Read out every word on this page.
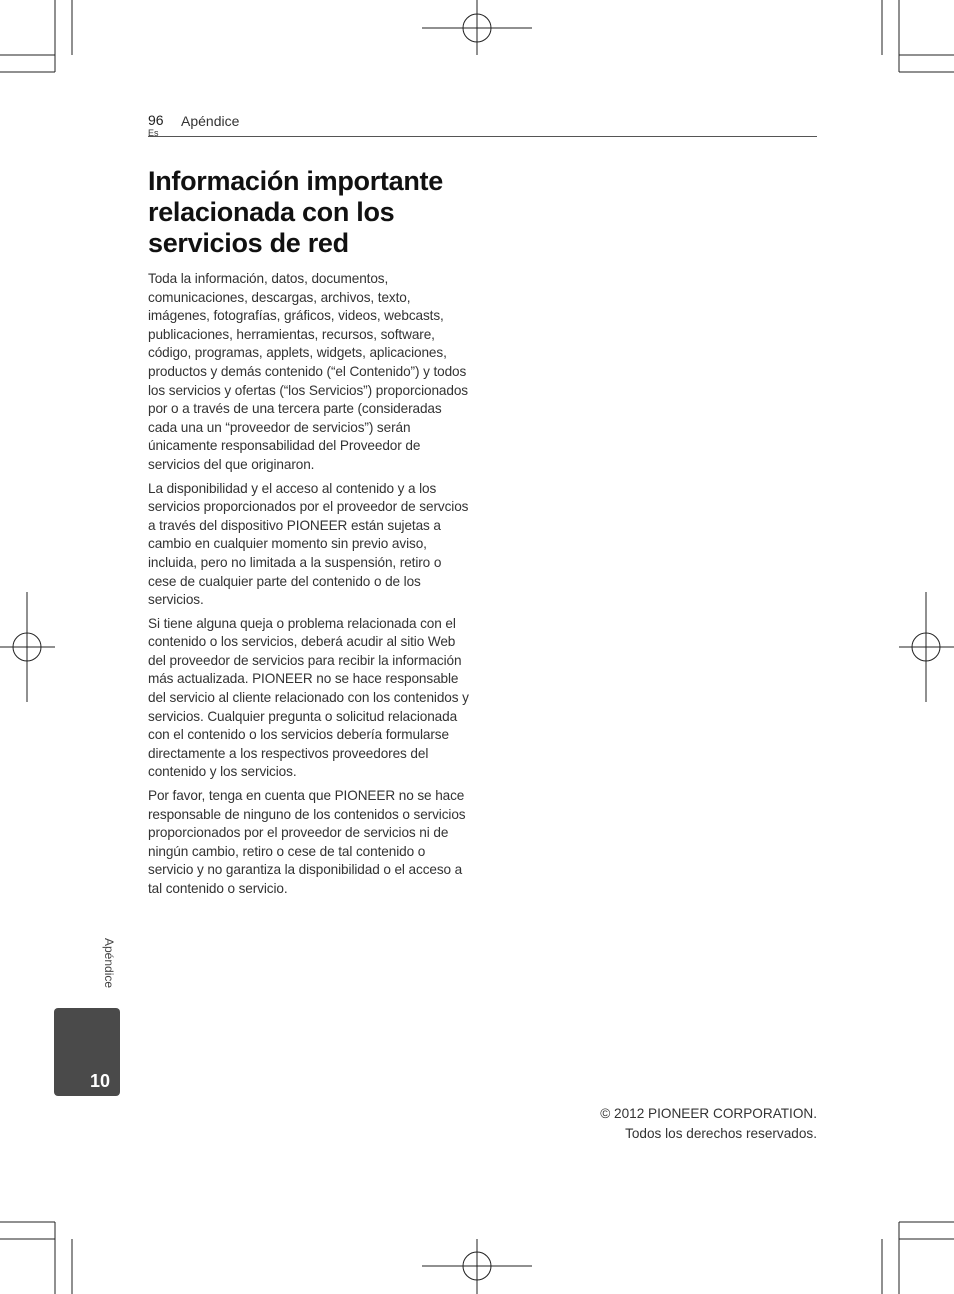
96
Es
Apéndice
Información importante relacionada con los servicios de red

Toda la información, datos, documentos, comunicaciones, descargas, archivos, texto, imágenes, fotografías, gráficos, videos, webcasts, publicaciones, herramientas, recursos, software, código, programas, applets, widgets, aplicaciones, productos y demás contenido (“el Contenido”) y todos los servicios y ofertas (“los Servicios”) proporcionados por o a través de una tercera parte (consideradas cada una un “proveedor de servicios”) serán únicamente responsabilidad del Proveedor de servicios del que originaron.

La disponibilidad y el acceso al contenido y a los servicios proporcionados por el proveedor de servcios a través del dispositivo PIONEER están sujetas a cambio en cualquier momento sin previo aviso, incluida, pero no limitada a la suspensión, retiro o cese de cualquier parte del contenido o de los servicios.

Si tiene alguna queja o problema relacionada con el contenido o los servicios, deberá acudir al sitio Web del proveedor de servicios para recibir la información más actualizada. PIONEER no se hace responsable del servicio al cliente relacionado con los contenidos y servicios. Cualquier pregunta o solicitud relacionada con el contenido o los servicios debería formularse directamente a los respectivos proveedores del contenido y los servicios.

Por favor, tenga en cuenta que PIONEER no se hace responsable de ninguno de los contenidos o servicios proporcionados por el proveedor de servicios ni de ningún cambio, retiro o cese de tal contenido o servicio y no garantiza la disponibilidad o el acceso a tal contenido o servicio.

Apéndice
10
© 2012 PIONEER CORPORATION.
Todos los derechos reservados.
